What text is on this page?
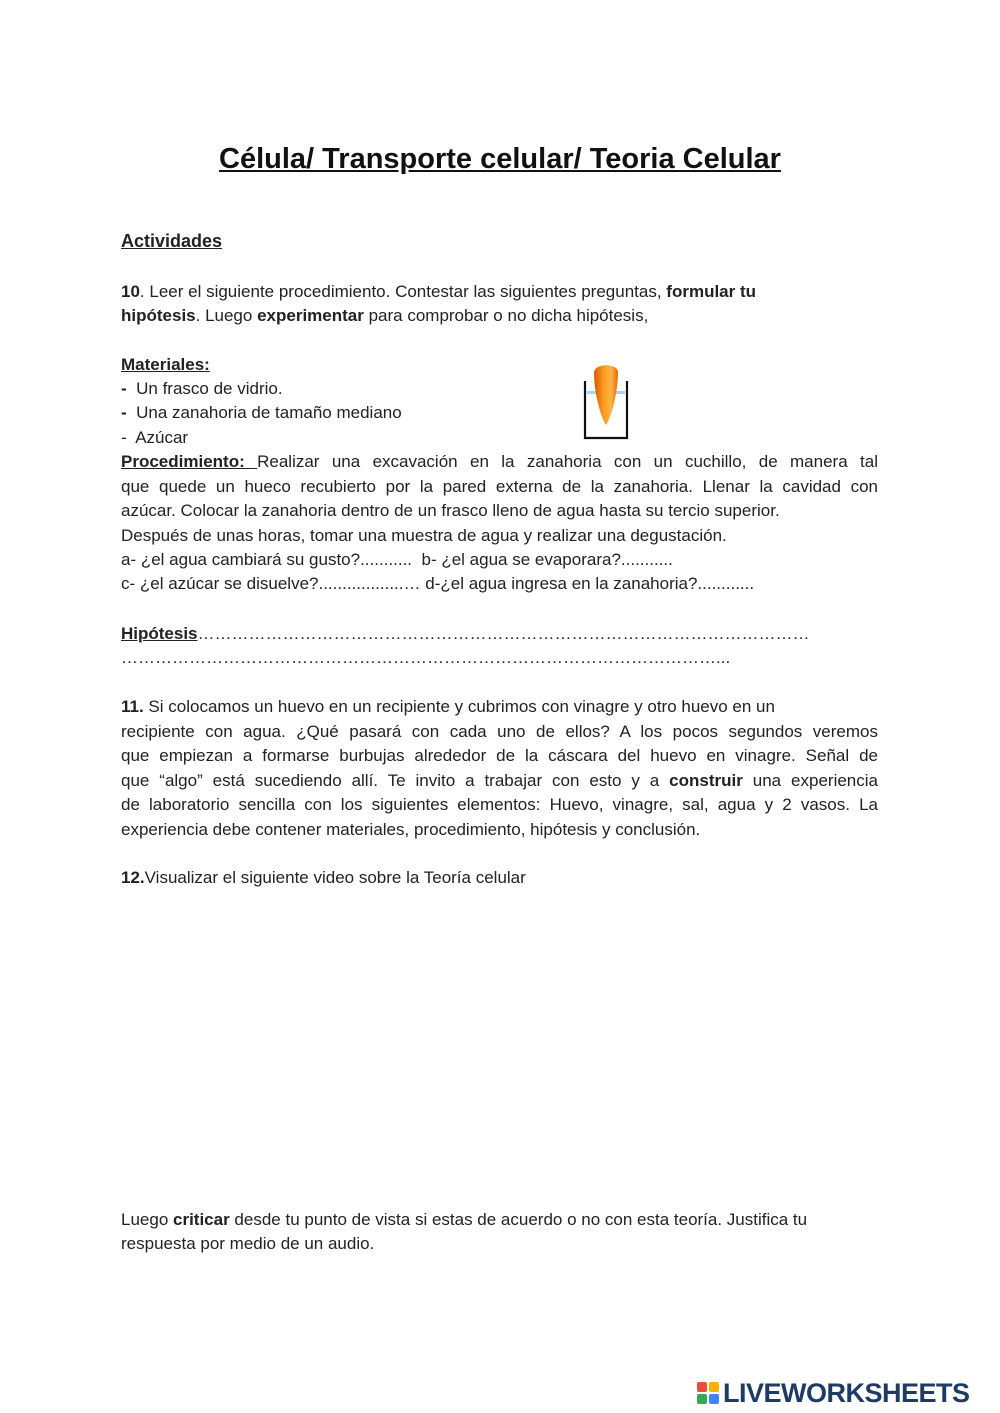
Célula/ Transporte celular/ Teoria Celular
Actividades
10. Leer el siguiente procedimiento. Contestar las siguientes preguntas, formular tu
hipótesis. Luego experimentar para comprobar o no dicha hipótesis,
Materiales:
- Un frasco de vidrio.
- Una zanahoria de tamaño mediano
- Azúcar

Procedimiento: Realizar una excavación en la zanahoria con un cuchillo, de manera tal

que quede un hueco recubierto por la pared externa de la zanahoria. Llenar la cavidad con

azúcar. Colocar la zanahoria dentro de un frasco lleno de agua hasta su tercio superior.

Después de unas horas, tomar una muestra de agua y realizar una degustación.

a- ¿el agua cambiará su gusto?........... b- ¿el agua se evaporara?...........
c- ¿el azúcar se disuelve?..................… d-¿el agua ingresa en la zanahoria?............
Hipótesis………………………………………………………………………………………………
……………………………………………………………………………………………...

11. Si colocamos un huevo en un recipiente y cubrimos con vinagre y otro huevo en un

recipiente con agua. ¿Qué pasará con cada uno de ellos? A los pocos segundos veremos

que empiezan a formarse burbujas alrededor de la cáscara del huevo en vinagre. Señal de

que “algo” está sucediendo allí. Te invito a trabajar con esto y a construir una experiencia

de laboratorio sencilla con los siguientes elementos: Huevo, vinagre, sal, agua y 2 vasos. La

experiencia debe contener materiales, procedimiento, hipótesis y conclusión.

12.Visualizar el siguiente video sobre la Teoría celular
Luego criticar desde tu punto de vista si estas de acuerdo o no con esta teoría. Justifica tu
respuesta por medio de un audio.
LIVEWORKSHEETS
